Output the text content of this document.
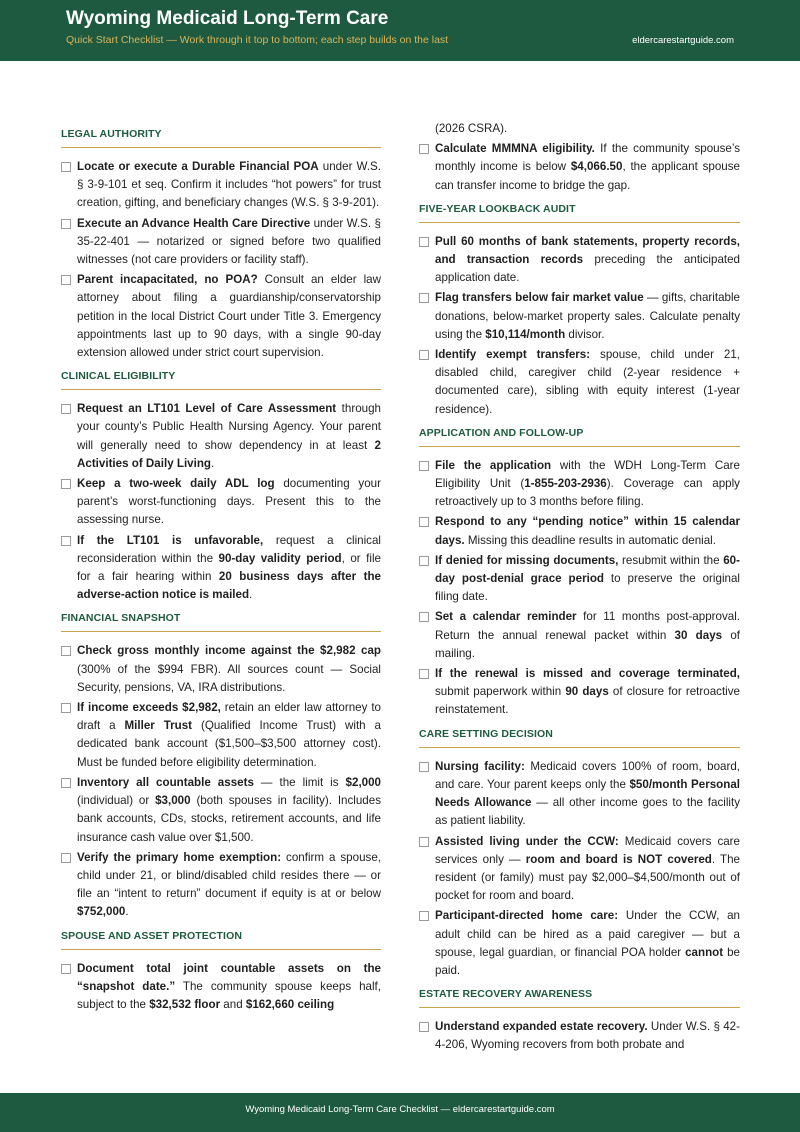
Wyoming Medicaid Long-Term Care
Quick Start Checklist — Work through it top to bottom; each step builds on the last	eldercarestartguide.com
LEGAL AUTHORITY
Locate or execute a Durable Financial POA under W.S. § 3-9-101 et seq. Confirm it includes “hot powers” for trust creation, gifting, and beneficiary changes (W.S. § 3-9-201).
Execute an Advance Health Care Directive under W.S. § 35-22-401 — notarized or signed before two qualified witnesses (not care providers or facility staff).
Parent incapacitated, no POA? Consult an elder law attorney about filing a guardianship/conservatorship petition in the local District Court under Title 3. Emergency appointments last up to 90 days, with a single 90-day extension allowed under strict court supervision.
CLINICAL ELIGIBILITY
Request an LT101 Level of Care Assessment through your county’s Public Health Nursing Agency. Your parent will generally need to show dependency in at least 2 Activities of Daily Living.
Keep a two-week daily ADL log documenting your parent’s worst-functioning days. Present this to the assessing nurse.
If the LT101 is unfavorable, request a clinical reconsideration within the 90-day validity period, or file for a fair hearing within 20 business days after the adverse-action notice is mailed.
FINANCIAL SNAPSHOT
Check gross monthly income against the $2,982 cap (300% of the $994 FBR). All sources count — Social Security, pensions, VA, IRA distributions.
If income exceeds $2,982, retain an elder law attorney to draft a Miller Trust (Qualified Income Trust) with a dedicated bank account ($1,500–$3,500 attorney cost). Must be funded before eligibility determination.
Inventory all countable assets — the limit is $2,000 (individual) or $3,000 (both spouses in facility). Includes bank accounts, CDs, stocks, retirement accounts, and life insurance cash value over $1,500.
Verify the primary home exemption: confirm a spouse, child under 21, or blind/disabled child resides there — or file an “intent to return” document if equity is at or below $752,000.
SPOUSE AND ASSET PROTECTION
Document total joint countable assets on the “snapshot date.” The community spouse keeps half, subject to the $32,532 floor and $162,660 ceiling
(2026 CSRA).
Calculate MMMNA eligibility. If the community spouse’s monthly income is below $4,066.50, the applicant spouse can transfer income to bridge the gap.
FIVE-YEAR LOOKBACK AUDIT
Pull 60 months of bank statements, property records, and transaction records preceding the anticipated application date.
Flag transfers below fair market value — gifts, charitable donations, below-market property sales. Calculate penalty using the $10,114/month divisor.
Identify exempt transfers: spouse, child under 21, disabled child, caregiver child (2-year residence + documented care), sibling with equity interest (1-year residence).
APPLICATION AND FOLLOW-UP
File the application with the WDH Long-Term Care Eligibility Unit (1-855-203-2936). Coverage can apply retroactively up to 3 months before filing.
Respond to any “pending notice” within 15 calendar days. Missing this deadline results in automatic denial.
If denied for missing documents, resubmit within the 60-day post-denial grace period to preserve the original filing date.
Set a calendar reminder for 11 months post-approval. Return the annual renewal packet within 30 days of mailing.
If the renewal is missed and coverage terminated, submit paperwork within 90 days of closure for retroactive reinstatement.
CARE SETTING DECISION
Nursing facility: Medicaid covers 100% of room, board, and care. Your parent keeps only the $50/month Personal Needs Allowance — all other income goes to the facility as patient liability.
Assisted living under the CCW: Medicaid covers care services only — room and board is NOT covered. The resident (or family) must pay $2,000–$4,500/month out of pocket for room and board.
Participant-directed home care: Under the CCW, an adult child can be hired as a paid caregiver — but a spouse, legal guardian, or financial POA holder cannot be paid.
ESTATE RECOVERY AWARENESS
Understand expanded estate recovery. Under W.S. § 42-4-206, Wyoming recovers from both probate and
Wyoming Medicaid Long-Term Care Checklist — eldercarestartguide.com
